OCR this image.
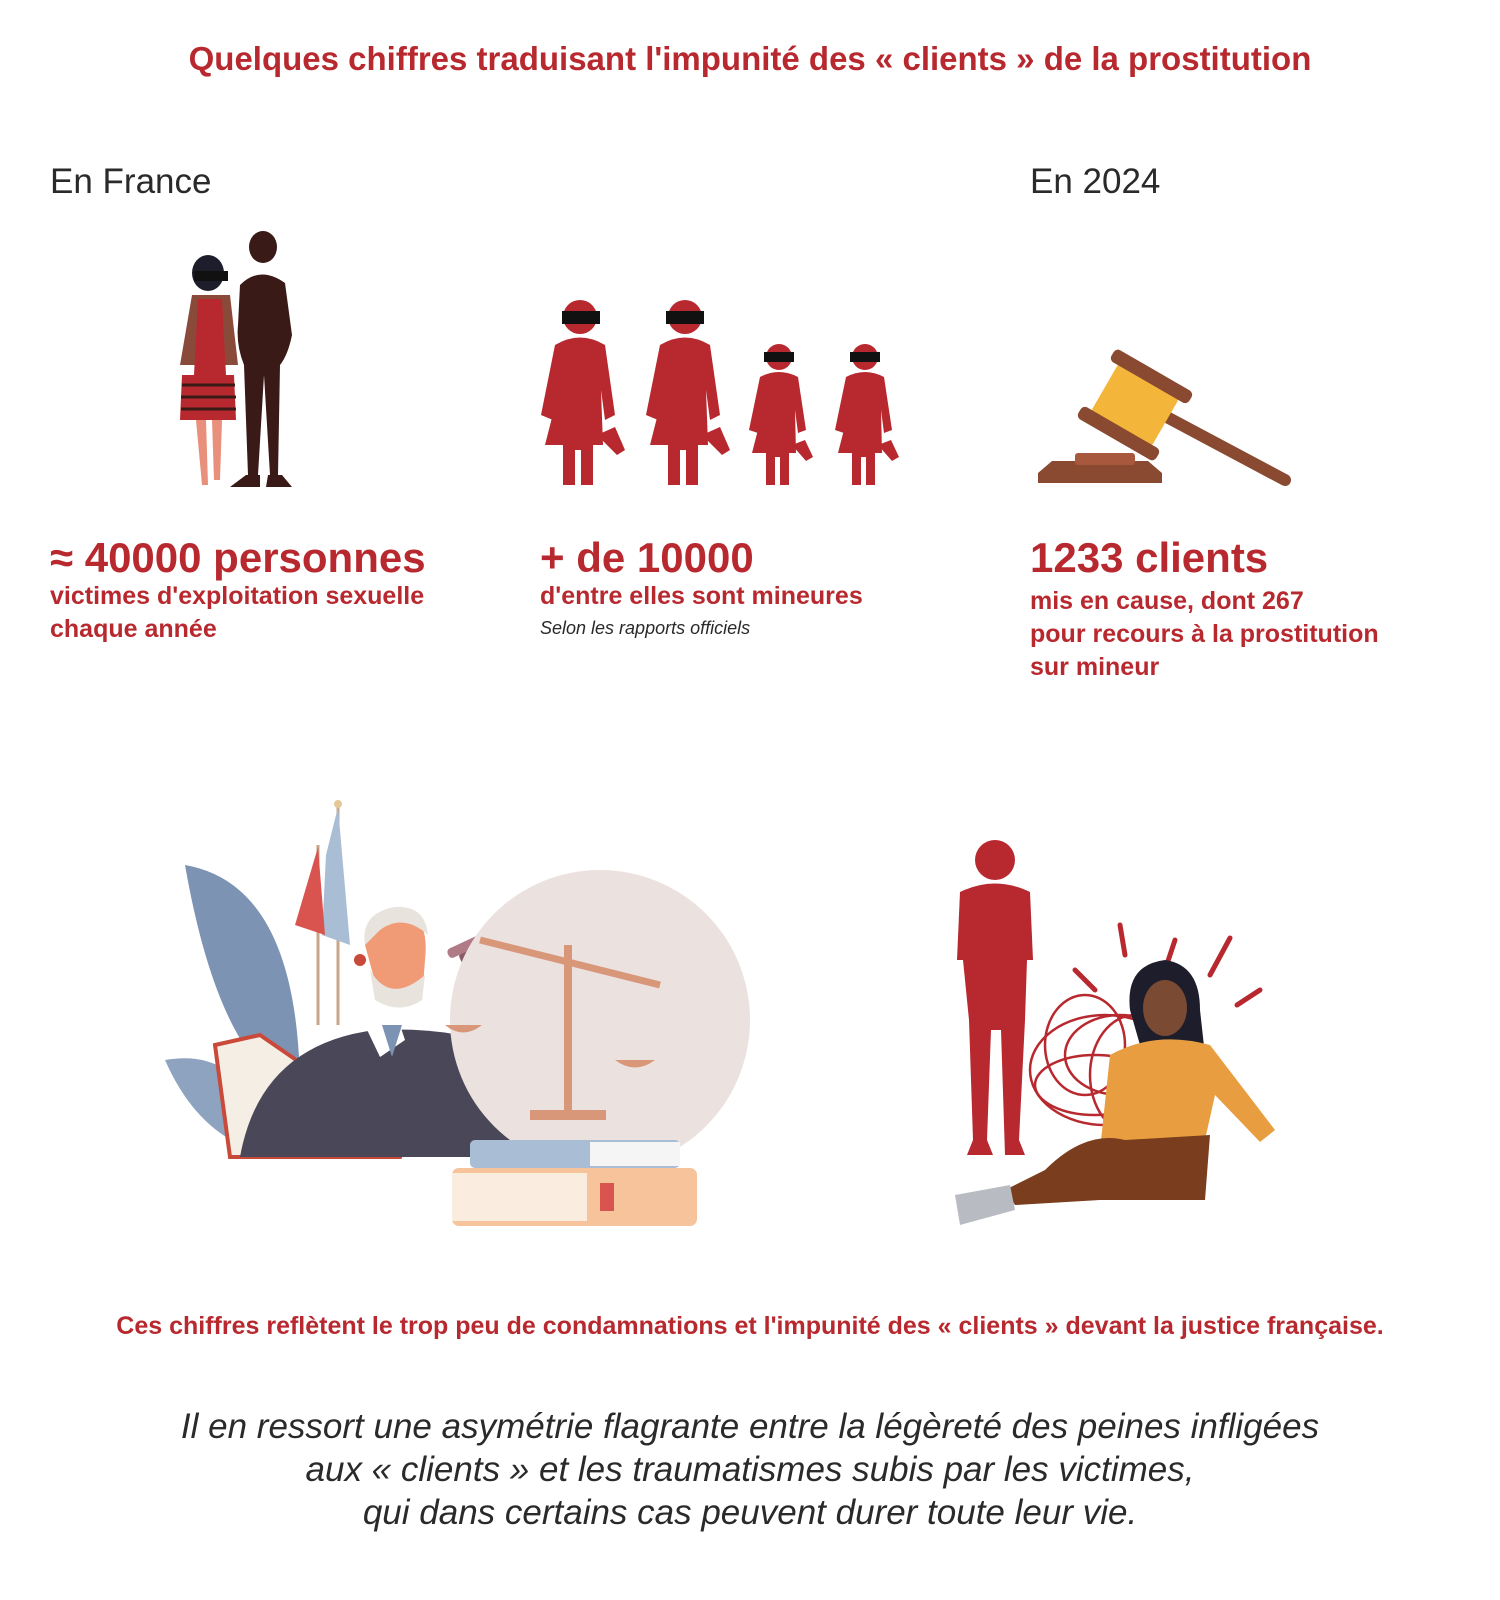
Quelques chiffres traduisant l'impunité des « clients » de la prostitution
En France	En 2024
≈ 40000 personnes
victimes d'exploitation sexuelle
chaque année
+ de 10000
d'entre elles sont mineures
Selon les rapports officiels
1233 clients
mis en cause, dont 267
pour recours à la prostitution
sur mineur
Ces chiffres reflètent le trop peu de condamnations et l'impunité des « clients » devant la justice française.
Il en ressort une asymétrie flagrante entre la légèreté des peines infligées
aux « clients » et les traumatismes subis par les victimes,
qui dans certains cas peuvent durer toute leur vie.
